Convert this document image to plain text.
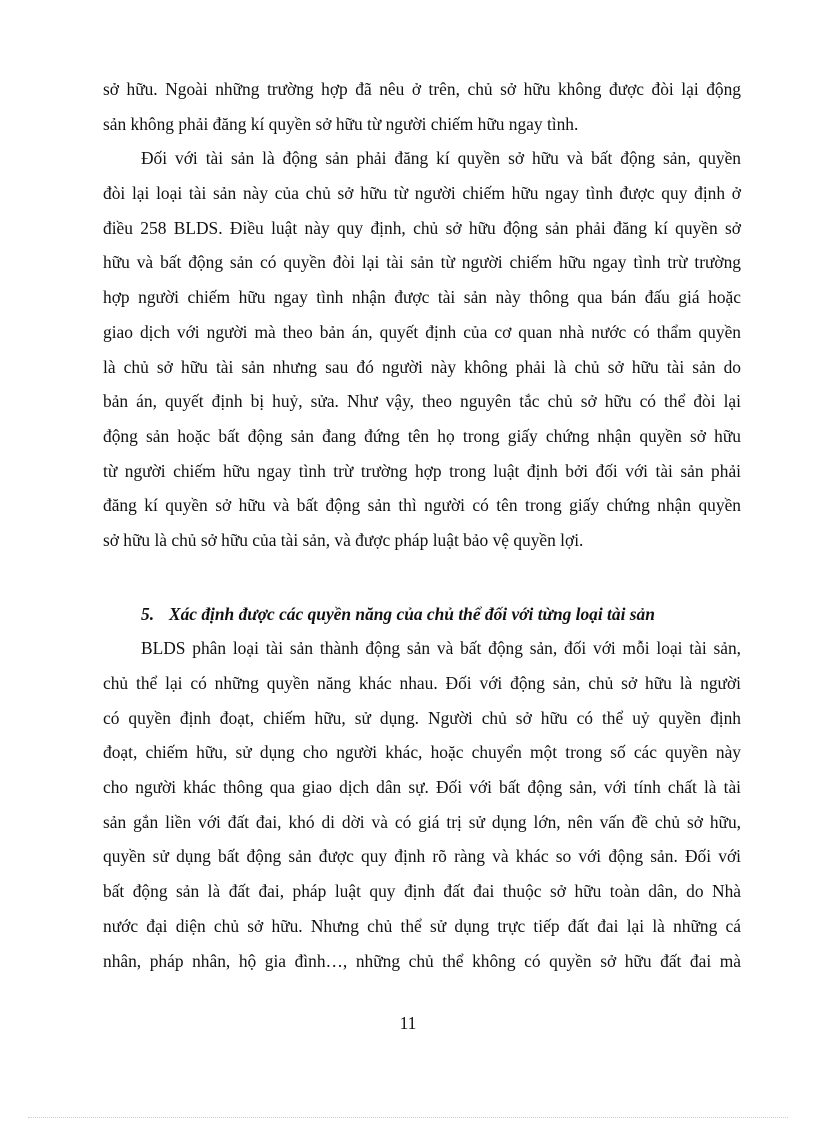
sở hữu. Ngoài những trường hợp đã nêu ở trên, chủ sở hữu không được đòi lại động
sản không phải đăng kí quyền sở hữu từ người chiếm hữu ngay tình.
Đối với tài sản là động sản phải đăng kí quyền sở hữu và bất động sản, quyền
đòi lại loại tài sản này của chủ sở hữu từ người chiếm hữu ngay tình được quy định ở
điều 258 BLDS. Điều luật này quy định, chủ sở hữu động sản phải đăng kí quyền sở
hữu và bất động sản có quyền đòi lại tài sản từ người chiếm hữu ngay tình trừ trường
hợp người chiếm hữu ngay tình nhận được tài sản này thông qua bán đấu giá hoặc
giao dịch với người mà theo bản án, quyết định của cơ quan nhà nước có thẩm quyền
là chủ sở hữu tài sản nhưng sau đó người này không phải là chủ sở hữu tài sản do
bản án, quyết định bị huỷ, sửa. Như vậy, theo nguyên tắc chủ sở hữu có thể đòi lại
động sản hoặc bất động sản đang đứng tên họ trong giấy chứng nhận quyền sở hữu
từ người chiếm hữu ngay tình trừ trường hợp trong luật định bởi đối với tài sản phải
đăng kí quyền sở hữu và bất động sản thì người có tên trong giấy chứng nhận quyền
sở hữu là chủ sở hữu của tài sản, và được pháp luật bảo vệ quyền lợi.
5. Xác định được các quyền năng của chủ thể đối với từng loại tài sản
BLDS phân loại tài sản thành động sản và bất động sản, đối với mỗi loại tài sản,
chủ thể lại có những quyền năng khác nhau. Đối với động sản, chủ sở hữu là người
có quyền định đoạt, chiếm hữu, sử dụng. Người chủ sở hữu có thể uỷ quyền định
đoạt, chiếm hữu, sử dụng cho người khác, hoặc chuyển một trong số các quyền này
cho người khác thông qua giao dịch dân sự. Đối với bất động sản, với tính chất là tài
sản gắn liền với đất đai, khó di dời và có giá trị sử dụng lớn, nên vấn đề chủ sở hữu,
quyền sử dụng bất động sản được quy định rõ ràng và khác so với động sản. Đối với
bất động sản là đất đai, pháp luật quy định đất đai thuộc sở hữu toàn dân, do Nhà
nước đại diện chủ sở hữu. Nhưng chủ thể sử dụng trực tiếp đất đai lại là những cá
nhân, pháp nhân, hộ gia đình…, những chủ thể không có quyền sở hữu đất đai mà
11
